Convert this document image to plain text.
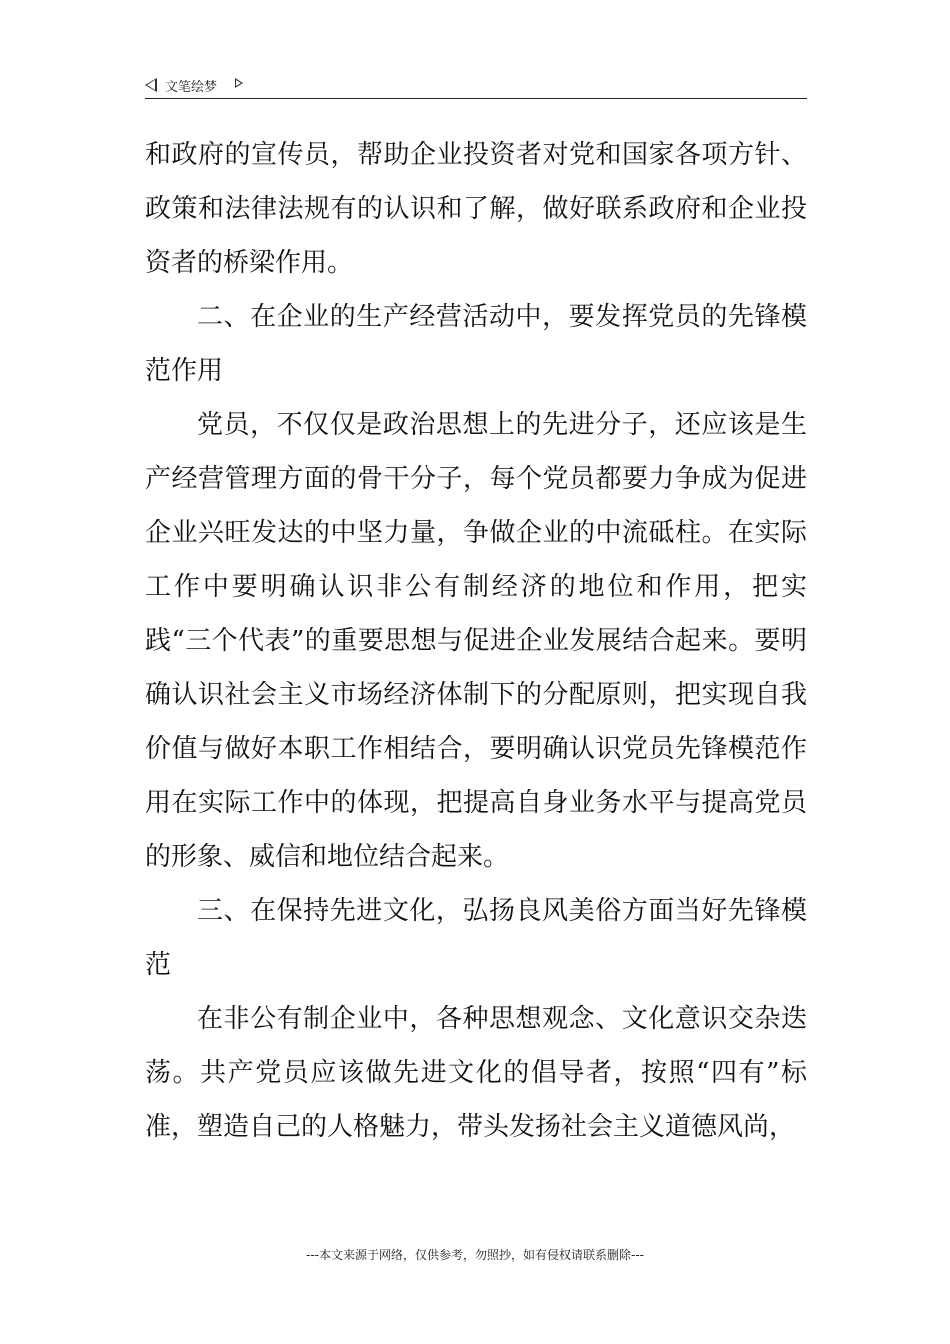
文笔绘梦

和政府的宣传员，帮助企业投资者对党和国家各项方针、政策和法律法规有的认识和了解，做好联系政府和企业投资者的桥梁作用。

二、在企业的生产经营活动中，要发挥党员的先锋模范作用

党员，不仅仅是政治思想上的先进分子，还应该是生产经营管理方面的骨干分子，每个党员都要力争成为促进企业兴旺发达的中坚力量，争做企业的中流砥柱。在实际工作中要明确认识非公有制经济的地位和作用，把实践“三个代表”的重要思想与促进企业发展结合起来。要明确认识社会主义市场经济体制下的分配原则，把实现自我价值与做好本职工作相结合，要明确认识党员先锋模范作用在实际工作中的体现，把提高自身业务水平与提高党员的形象、威信和地位结合起来。

三、在保持先进文化，弘扬良风美俗方面当好先锋模范

在非公有制企业中，各种思想观念、文化意识交杂迭荡。共产党员应该做先进文化的倡导者，按照“四有”标准，塑造自己的人格魅力，带头发扬社会主义道德风尚，

---本文来源于网络，仅供参考，勿照抄，如有侵权请联系删除---
